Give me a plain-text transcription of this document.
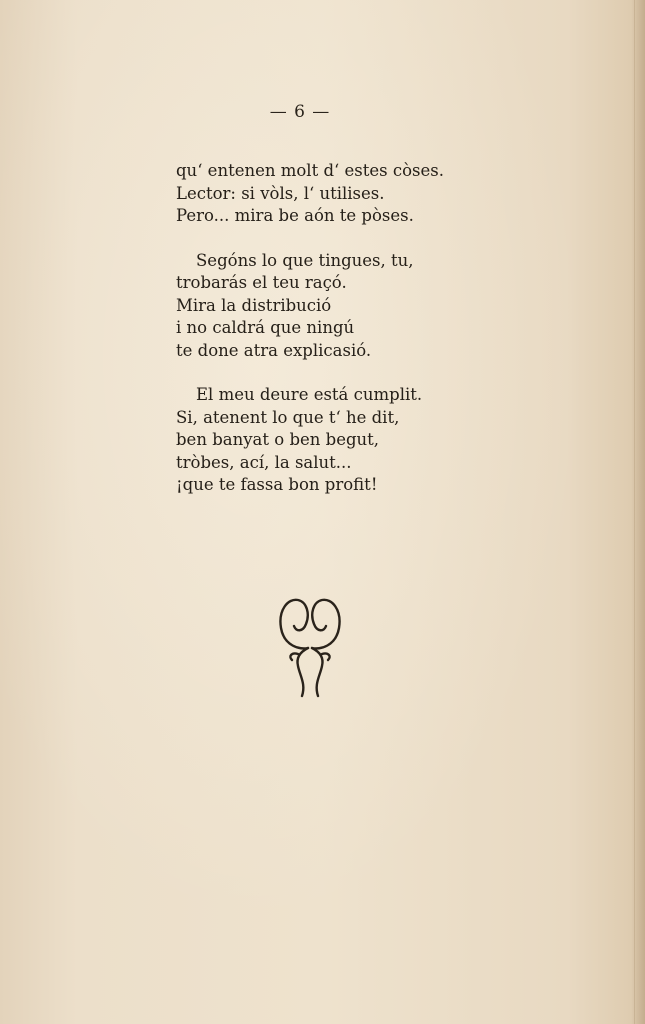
— 6 —
qu‘ entenen molt d‘ estes còses.
Lector: si vòls, l‘ utilises.
Pero... mira be aón te pòses.
Segóns lo que tingues, tu,
trobarás el teu raçó.
Mira la distribució
i no caldrá que ningú
te done atra explicasió.
El meu deure está cumplit.
Si, atenent lo que t‘ he dit,
ben banyat o ben begut,
tròbes, ací, la salut...
¡que te fassa bon profit!
